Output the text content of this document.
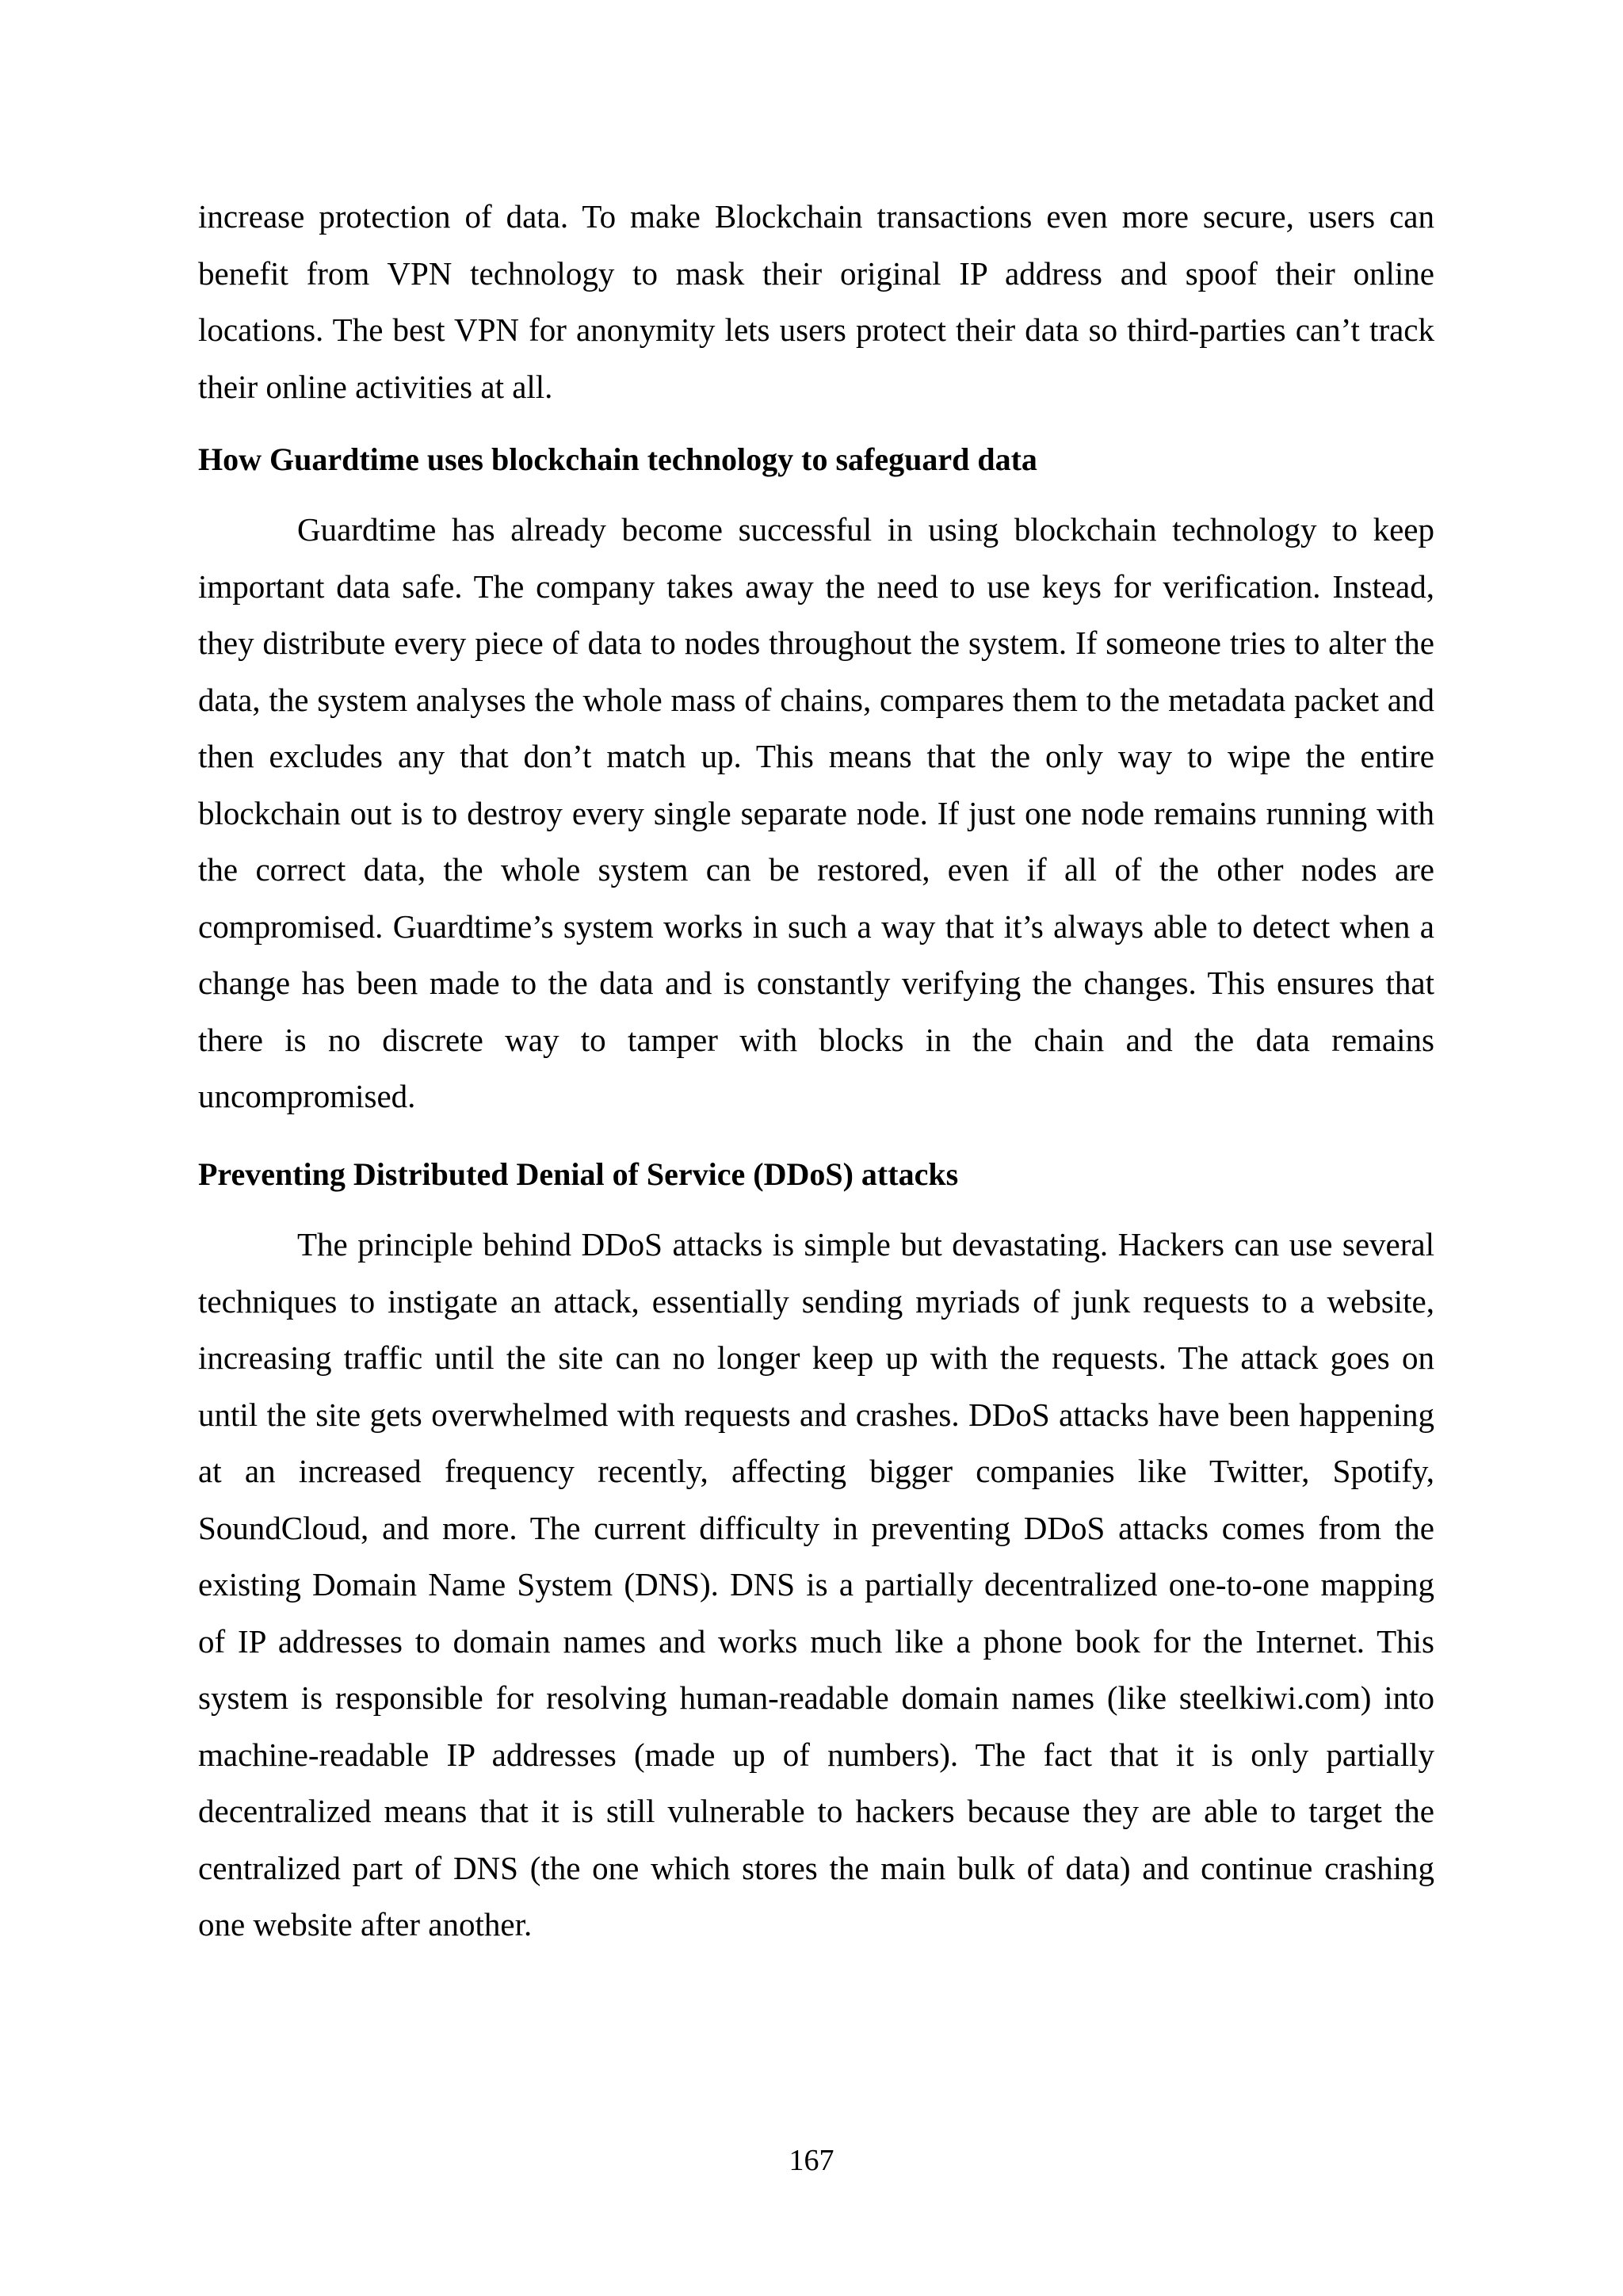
increase protection of data. To make Blockchain transactions even more secure, users can benefit from VPN technology to mask their original IP address and spoof their online locations. The best VPN for anonymity lets users protect their data so third-parties can’t track their online activities at all.

How Guardtime uses blockchain technology to safeguard data

Guardtime has already become successful in using blockchain technology to keep important data safe. The company takes away the need to use keys for verification. Instead, they distribute every piece of data to nodes throughout the system. If someone tries to alter the data, the system analyses the whole mass of chains, compares them to the metadata packet and then excludes any that don’t match up. This means that the only way to wipe the entire blockchain out is to destroy every single separate node. If just one node remains running with the correct data, the whole system can be restored, even if all of the other nodes are compromised. Guardtime’s system works in such a way that it’s always able to detect when a change has been made to the data and is constantly verifying the changes. This ensures that there is no discrete way to tamper with blocks in the chain and the data remains uncompromised.

Preventing Distributed Denial of Service (DDoS) attacks

The principle behind DDoS attacks is simple but devastating. Hackers can use several techniques to instigate an attack, essentially sending myriads of junk requests to a website, increasing traffic until the site can no longer keep up with the requests. The attack goes on until the site gets overwhelmed with requests and crashes. DDoS attacks have been happening at an increased frequency recently, affecting bigger companies like Twitter, Spotify, SoundCloud, and more. The current difficulty in preventing DDoS attacks comes from the existing Domain Name System (DNS). DNS is a partially decentralized one-to-one mapping of IP addresses to domain names and works much like a phone book for the Internet. This system is responsible for resolving human-readable domain names (like steelkiwi.com) into machine-readable IP addresses (made up of numbers). The fact that it is only partially decentralized means that it is still vulnerable to hackers because they are able to target the centralized part of DNS (the one which stores the main bulk of data) and continue crashing one website after another.

167
